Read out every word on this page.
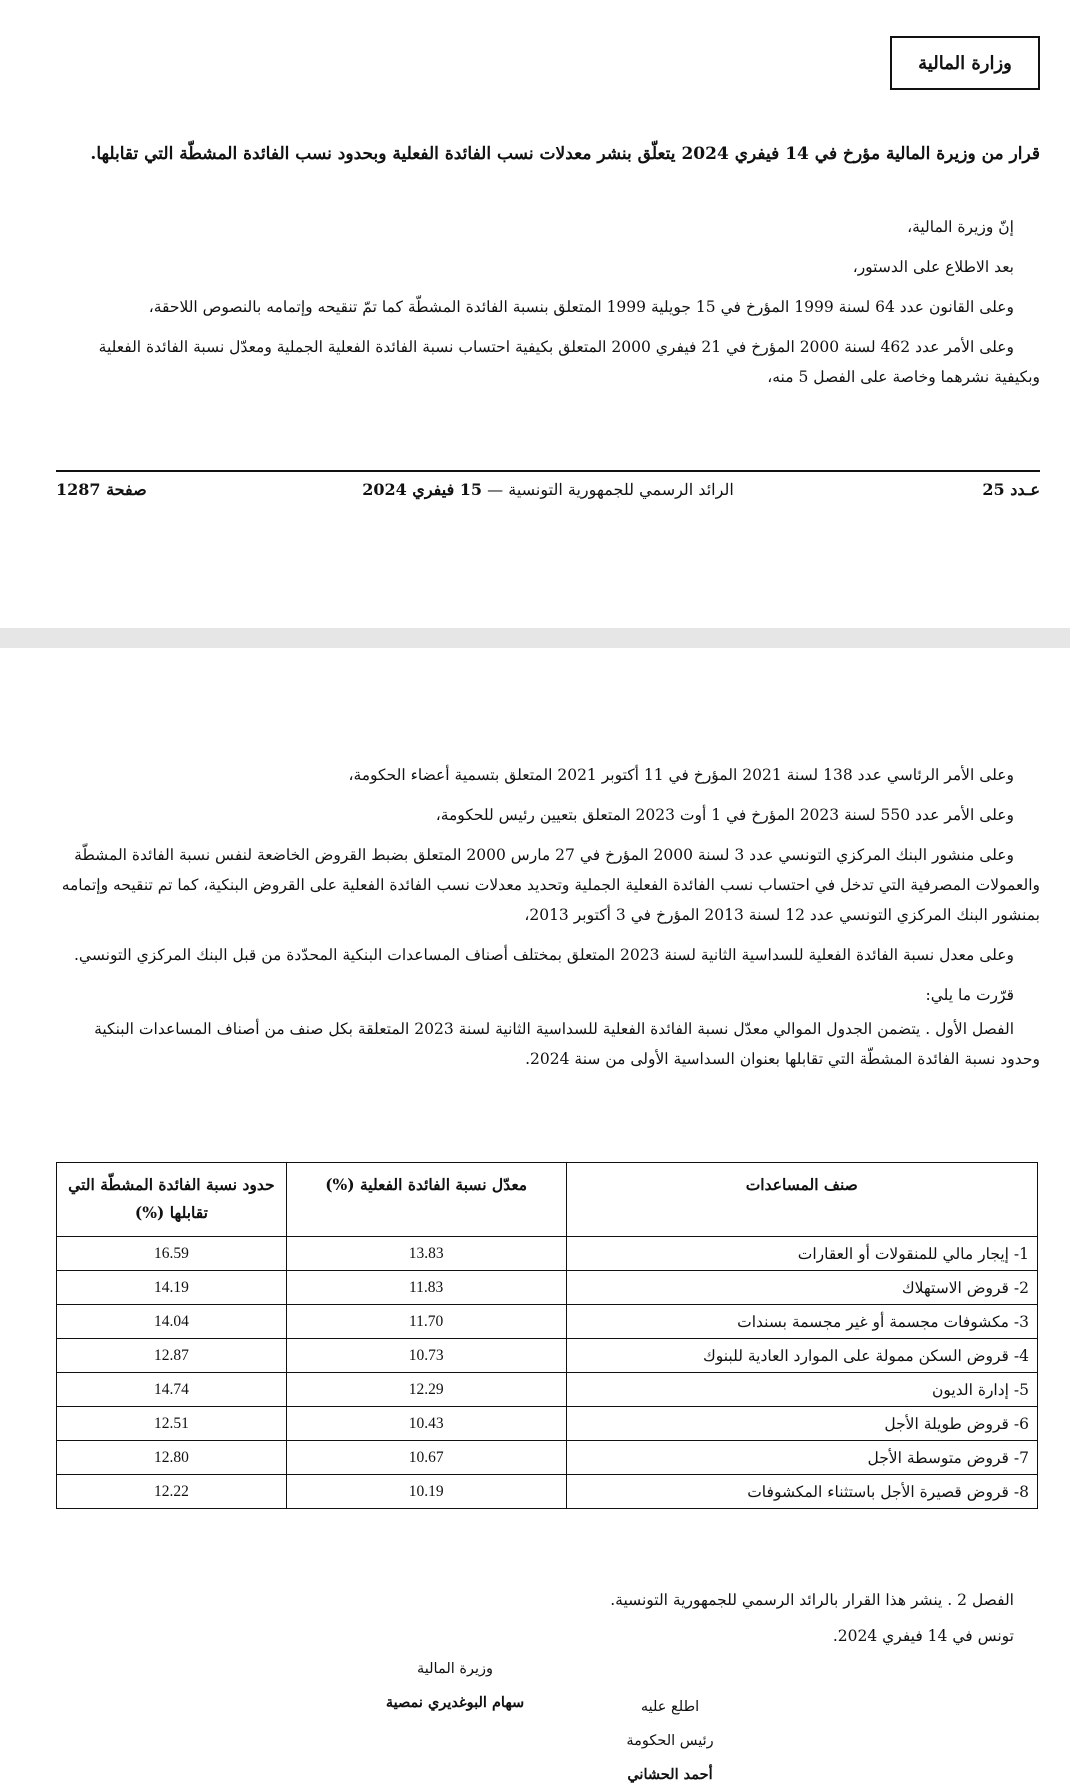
وزارة المالية
قرار من وزيرة المالية مؤرخ في 14 فيفري 2024 يتعلّق بنشر معدلات نسب الفائدة الفعلية وبحدود نسب الفائدة المشطّة التي تقابلها.

إنّ وزيرة المالية،

بعد الاطلاع على الدستور،

وعلى القانون عدد 64 لسنة 1999 المؤرخ في 15 جويلية 1999 المتعلق بنسبة الفائدة المشطّة كما تمّ تنقيحه وإتمامه بالنصوص اللاحقة،

وعلى الأمر عدد 462 لسنة 2000 المؤرخ في 21 فيفري 2000 المتعلق بكيفية احتساب نسبة الفائدة الفعلية الجملية ومعدّل نسبة الفائدة الفعلية وبكيفية نشرهما وخاصة على الفصل 5 منه،

عـدد 25
الرائد الرسمي للجمهورية التونسية — 15 فيفري 2024
صفحة 1287

وعلى الأمر الرئاسي عدد 138 لسنة 2021 المؤرخ في 11 أكتوبر 2021 المتعلق بتسمية أعضاء الحكومة،

وعلى الأمر عدد 550 لسنة 2023 المؤرخ في 1 أوت 2023 المتعلق بتعيين رئيس للحكومة،

وعلى منشور البنك المركزي التونسي عدد 3 لسنة 2000 المؤرخ في 27 مارس 2000 المتعلق بضبط القروض الخاضعة لنفس نسبة الفائدة المشطّة والعمولات المصرفية التي تدخل في احتساب نسب الفائدة الفعلية الجملية وتحديد معدلات نسب الفائدة الفعلية على القروض البنكية، كما تم تنقيحه وإتمامه بمنشور البنك المركزي التونسي عدد 12 لسنة 2013 المؤرخ في 3 أكتوبر 2013،

وعلى معدل نسبة الفائدة الفعلية للسداسية الثانية لسنة 2023 المتعلق بمختلف أصناف المساعدات البنكية المحدّدة من قبل البنك المركزي التونسي.

قرّرت ما يلي:

الفصل الأول . يتضمن الجدول الموالي معدّل نسبة الفائدة الفعلية للسداسية الثانية لسنة 2023 المتعلقة بكل صنف من أصناف المساعدات البنكية وحدود نسبة الفائدة المشطّة التي تقابلها بعنوان السداسية الأولى من سنة 2024.

صنف المساعدات	معدّل نسبة الفائدة الفعلية (%)	حدود نسبة الفائدة المشطّة التي تقابلها (%)
1- إيجار مالي للمنقولات أو العقارات	13.83	16.59
2- قروض الاستهلاك	11.83	14.19
3- مكشوفات مجسمة أو غير مجسمة بسندات	11.70	14.04
4- قروض السكن ممولة على الموارد العادية للبنوك	10.73	12.87
5- إدارة الديون	12.29	14.74
6- قروض طويلة الأجل	10.43	12.51
7- قروض متوسطة الأجل	10.67	12.80
8- قروض قصيرة الأجل باستثناء المكشوفات	10.19	12.22

الفصل 2 . ينشر هذا القرار بالرائد الرسمي للجمهورية التونسية.

تونس في 14 فيفري 2024.

وزيرة المالية
سهام البوغديري نمصية	اطلع عليه
رئيس الحكومة
أحمد الحشاني
